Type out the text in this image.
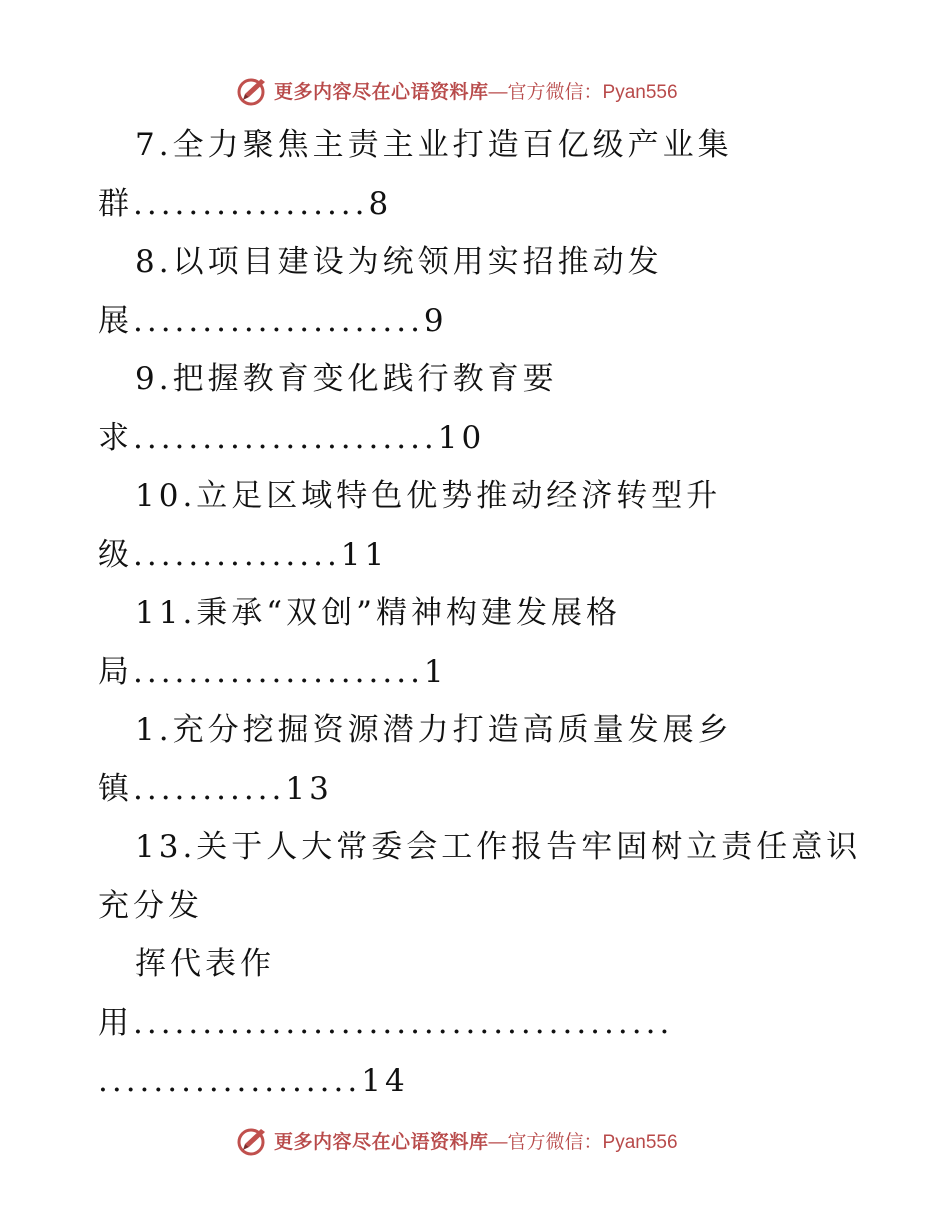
更多内容尽在心语资料库 —官方微信：Pyan556
7.全力聚焦主责主业打造百亿级产业集
群.................8
8.以项目建设为统领用实招推动发
展.....................9
9.把握教育变化践行教育要
求......................10
10.立足区域特色优势推动经济转型升
级...............11
11.秉承“双创”精神构建发展格
局.....................1
1.充分挖掘资源潜力打造高质量发展乡
镇...........13
13.关于人大常委会工作报告牢固树立责任意识
充分发
挥代表作
用.......................................
...................14
更多内容尽在心语资料库 —官方微信：Pyan556
